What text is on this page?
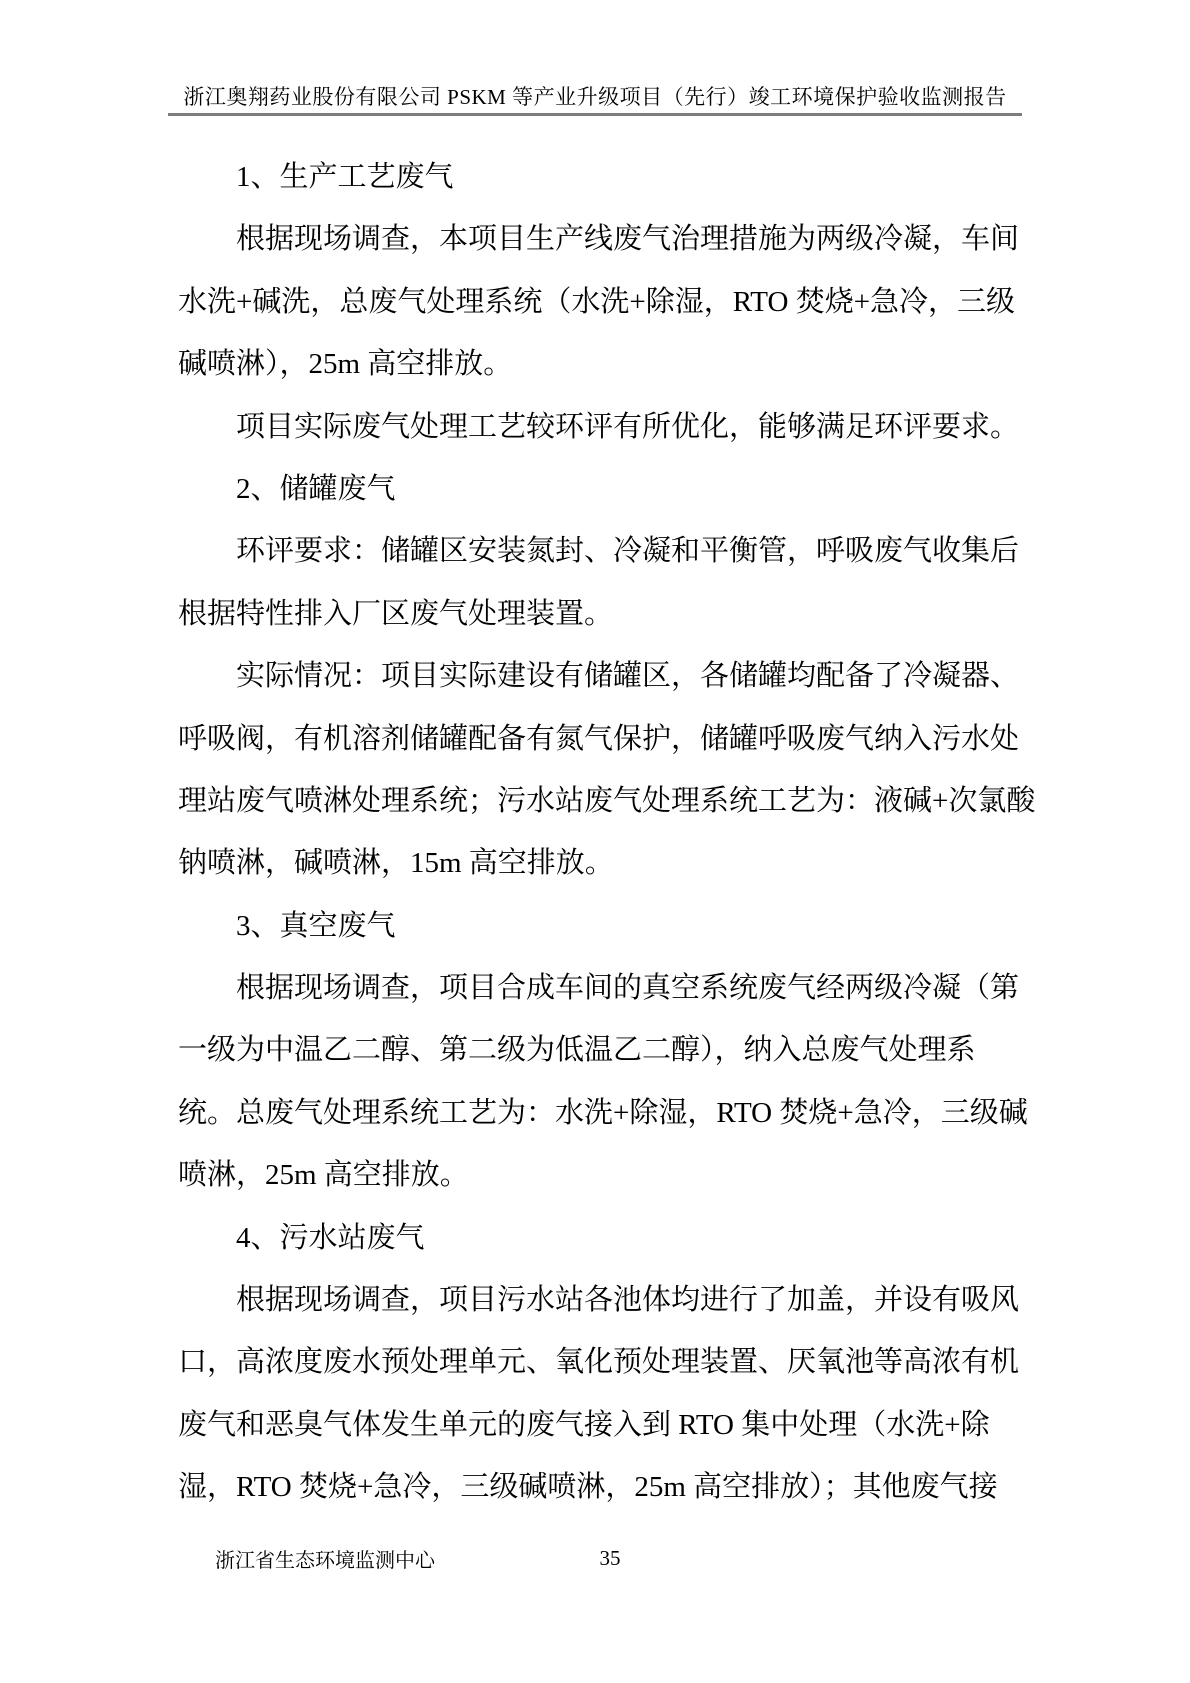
浙江奥翔药业股份有限公司 PSKM 等产业升级项目（先行）竣工环境保护验收监测报告
1、生产工艺废气
根据现场调查，本项目生产线废气治理措施为两级冷凝，车间
水洗+碱洗，总废气处理系统（水洗+除湿，RTO 焚烧+急冷，三级
碱喷淋），25m 高空排放。
项目实际废气处理工艺较环评有所优化，能够满足环评要求。
2、储罐废气
环评要求：储罐区安装氮封、冷凝和平衡管，呼吸废气收集后
根据特性排入厂区废气处理装置。
实际情况：项目实际建设有储罐区，各储罐均配备了冷凝器、
呼吸阀，有机溶剂储罐配备有氮气保护，储罐呼吸废气纳入污水处
理站废气喷淋处理系统；污水站废气处理系统工艺为：液碱+次氯酸
钠喷淋，碱喷淋，15m 高空排放。
3、真空废气
根据现场调查，项目合成车间的真空系统废气经两级冷凝（第
一级为中温乙二醇、第二级为低温乙二醇），纳入总废气处理系
统。总废气处理系统工艺为：水洗+除湿，RTO 焚烧+急冷，三级碱
喷淋，25m 高空排放。
4、污水站废气
根据现场调查，项目污水站各池体均进行了加盖，并设有吸风
口，高浓度废水预处理单元、氧化预处理装置、厌氧池等高浓有机
废气和恶臭气体发生单元的废气接入到 RTO 集中处理（水洗+除
湿，RTO 焚烧+急冷，三级碱喷淋，25m 高空排放）；其他废气接
浙江省生态环境监测中心	35
